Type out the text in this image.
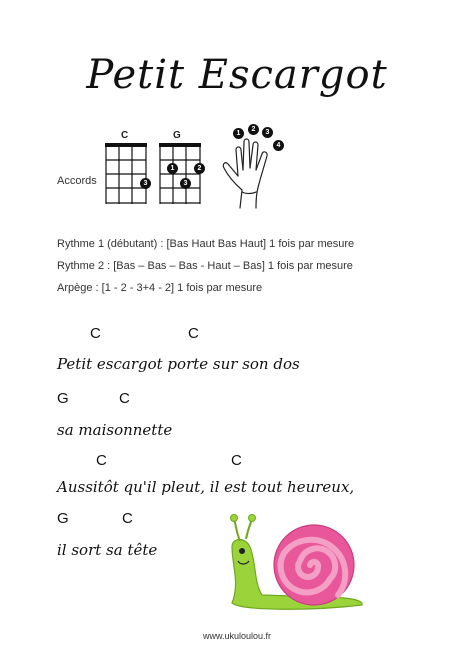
Petit Escargot
Accords
C
3
G
1	2
3
1
2	3
4
Rythme 1 (débutant) : [Bas Haut Bas Haut] 1 fois par mesure
Rythme 2 : [Bas – Bas – Bas - Haut – Bas] 1 fois par mesure
Arpège : [1 - 2 - 3+4 - 2] 1 fois par mesure
C	C
Petit escargot porte sur son dos
G	C
sa maisonnette
C	C
Aussitôt qu'il pleut, il est tout heureux,
G	C
il sort sa tête
www.ukuloulou.fr
